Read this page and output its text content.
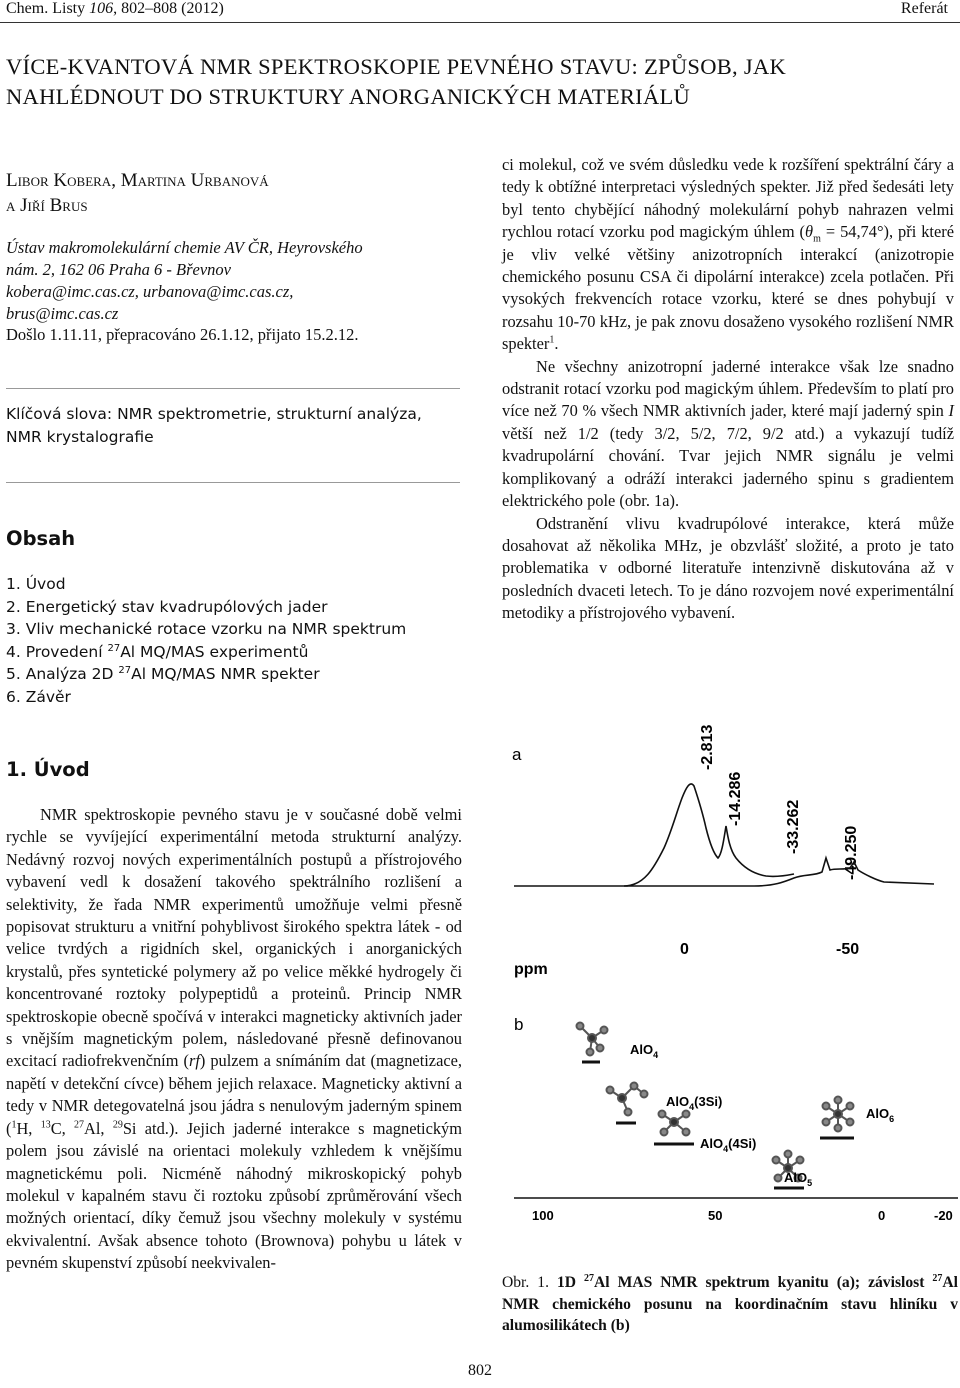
Chem. Listy 106, 802–808 (2012)	Referát
VÍCE-KVANTOVÁ NMR SPEKTROSKOPIE PEVNÉHO STAVU: ZPŮSOB, JAK NAHLÉDNOUT DO STRUKTURY ANORGANICKÝCH MATERIÁLŮ
Libor Kobera, Martina Urbanová
a Jiří Brus
Ústav makromolekulární chemie AV ČR, Heyrovského
nám. 2, 162 06 Praha 6 - Břevnov
kobera@imc.cas.cz, urbanova@imc.cas.cz,
brus@imc.cas.cz
Došlo 1.11.11, přepracováno 26.1.12, přijato 15.2.12.
Klíčová slova: NMR spektrometrie, strukturní analýza, NMR krystalografie
Obsah
1. Úvod
2. Energetický stav kvadrupólových jader
3. Vliv mechanické rotace vzorku na NMR spektrum
4. Provedení $^{27}$Al MQ/MAS experimentů
5. Analýza 2D $^{27}$Al MQ/MAS NMR spekter
6. Závěr
1. Úvod

NMR spektroskopie pevného stavu je v současné době velmi rychle se vyvíjející experimentální metoda strukturní analýzy. Nedávný rozvoj nových experimentálních postupů a přístrojového vybavení vedl k dosažení takového spektrálního rozlišení a selektivity, že řada NMR experimentů umožňuje velmi přesně popisovat strukturu a vnitřní pohyblivost širokého spektra látek - od velice tvrdých a rigidních skel, organických i anorganických krystalů, přes syntetické polymery až po velice měkké hydrogely či koncentrované roztoky polypeptidů a proteinů. Princip NMR spektroskopie obecně spočívá v interakci magneticky aktivních jader s vnějším magnetickým polem, následované přesně definovanou excitací radiofrekvenčním (rf) pulzem a snímáním dat (magnetizace, napětí v detekční cívce) během jejich relaxace. Magneticky aktivní a tedy v NMR detegovatelná jsou jádra s nenulovým jaderným spinem ($^1$H, $^{13}$C, $^{27}$Al, $^{29}$Si atd.). Jejich jaderné interakce s magnetickým polem jsou závislé na orientaci molekuly vzhledem k vnějšímu magnetickému poli. Nicméně náhodný mikroskopický pohyb molekul v kapalném stavu či roztoku způsobí zprůměrování všech možných orientací, díky čemuž jsou všechny molekuly v systému ekvivalentní. Avšak absence tohoto (Brownova) pohybu u látek v pevném skupenství způsobí neekvivalen-

ci molekul, což ve svém důsledku vede k rozšíření spektrální čáry a tedy k obtížné interpretaci výsledných spekter. Již před šedesáti lety byl tento chybějící náhodný molekulární pohyb nahrazen velmi rychlou rotací vzorku pod magickým úhlem $(\theta_m = 54,74^\circ)$, při které je vliv velké většiny anizotropních interakcí (anizotropie chemického posunu CSA či dipolární interakce) zcela potlačen. Při vysokých frekvencích rotace vzorku, které se dnes pohybují v rozsahu 10-70 kHz, je pak znovu dosaženo vysokého rozlišení NMR spekter$^1$.

Ne všechny anizotropní jaderné interakce však lze snadno odstranit rotací vzorku pod magickým úhlem. Především to platí pro více než 70 % všech NMR aktivních jader, které mají jaderný spin I větší než 1/2 (tedy 3/2, 5/2, 7/2, 9/2 atd.) a vykazují tudíž kvadrupolární chování. Tvar jejich NMR signálu je velmi komplikovaný a odráží interakci jaderného spinu s gradientem elektrického pole (obr. 1a).

Odstranění vlivu kvadrupólové interakce, která může dosahovat až několika MHz, je obzvlášť složité, a proto je tato problematika v odborné literatuře intenzivně diskutována až v posledních dvaceti letech. To je dáno rozvojem nové experimentální metodiky a přístrojového vybavení.

a	-2.813
-14.286
-33.262	-49.250
0	-50
ppm
b
AlO$_4$
AlO$_4$(3Si)
AlO$_4$(4Si)
AlO$_5$
AlO$_6$
100	50	0	-20
Obr. 1. 1D $^{27}$Al MAS NMR spektrum kyanitu (a); závislost $^{27}$Al NMR chemického posunu na koordinačním stavu hliníku v alumosilikátech (b)
802
